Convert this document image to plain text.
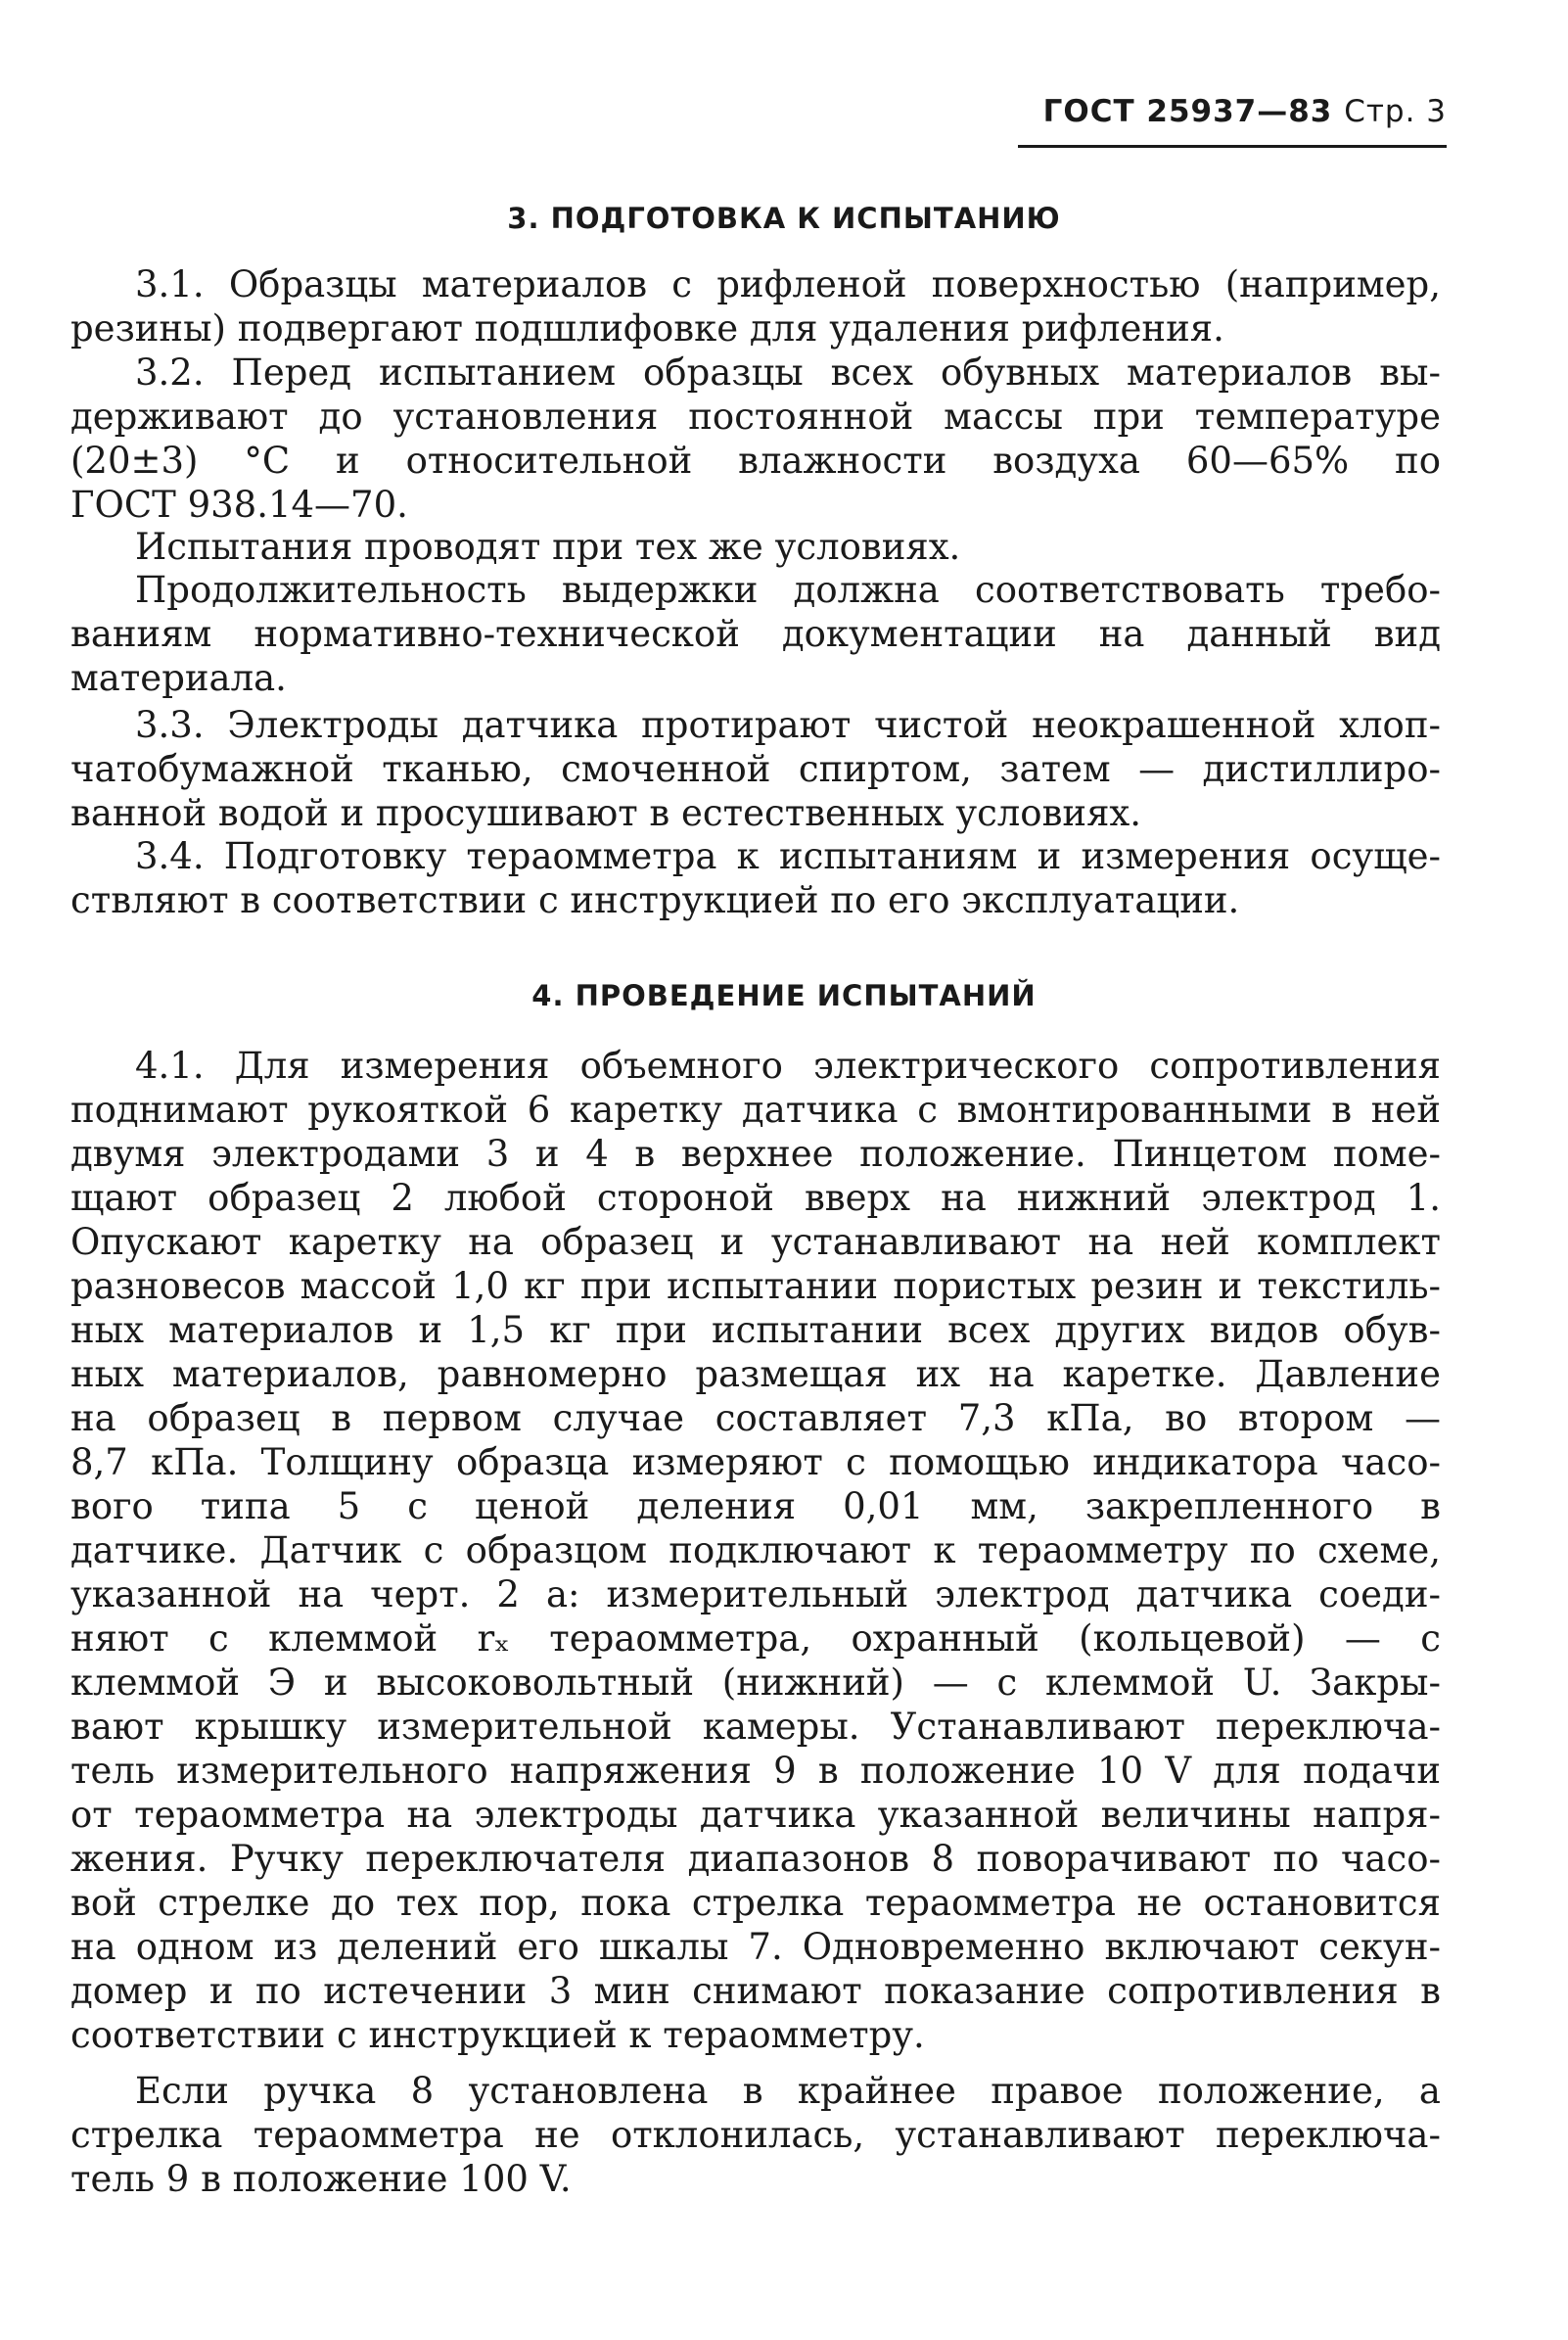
ГОСТ 25937—83 Стр. 3
3. ПОДГОТОВКА К ИСПЫТАНИЮ
3.1. Образцы материалов с рифленой поверхностью (например,
резины) подвергают подшлифовке для удаления рифления.
3.2. Перед испытанием образцы всех обувных материалов вы-
держивают до установления постоянной массы при температуре
(20±3) °C и относительной влажности воздуха 60—65% по
ГОСТ 938.14—70.
Испытания проводят при тех же условиях.
Продолжительность выдержки должна соответствовать требо-
ваниям нормативно-технической документации на данный вид
материала.
3.3. Электроды датчика протирают чистой неокрашенной хлоп-
чатобумажной тканью, смоченной спиртом, затем — дистиллиро-
ванной водой и просушивают в естественных условиях.
3.4. Подготовку тераомметра к испытаниям и измерения осуще-
ствляют в соответствии с инструкцией по его эксплуатации.
4. ПРОВЕДЕНИЕ ИСПЫТАНИЙ
4.1. Для измерения объемного электрического сопротивления
поднимают рукояткой 6 каретку датчика с вмонтированными в ней
двумя электродами 3 и 4 в верхнее положение. Пинцетом поме-
щают образец 2 любой стороной вверх на нижний электрод 1.
Опускают каретку на образец и устанавливают на ней комплект
разновесов массой 1,0 кг при испытании пористых резин и текстиль-
ных материалов и 1,5 кг при испытании всех других видов обув-
ных материалов, равномерно размещая их на каретке. Давление
на образец в первом случае составляет 7,3 кПа, во втором —
8,7 кПа. Толщину образца измеряют с помощью индикатора часо-
вого типа 5 с ценой деления 0,01 мм, закрепленного в
датчике. Датчик с образцом подключают к тераомметру по схеме,
указанной на черт. 2 а: измерительный электрод датчика соеди-
няют с клеммой rₓ тераомметра, охранный (кольцевой) — с
клеммой Э и высоковольтный (нижний) — с клеммой U. Закры-
вают крышку измерительной камеры. Устанавливают переключа-
тель измерительного напряжения 9 в положение 10 V для подачи
от тераомметра на электроды датчика указанной величины напря-
жения. Ручку переключателя диапазонов 8 поворачивают по часо-
вой стрелке до тех пор, пока стрелка тераомметра не остановится
на одном из делений его шкалы 7. Одновременно включают секун-
домер и по истечении 3 мин снимают показание сопротивления в
соответствии с инструкцией к тераомметру.
Если ручка 8 установлена в крайнее правое положение, а
стрелка тераомметра не отклонилась, устанавливают переключа-
тель 9 в положение 100 V.
